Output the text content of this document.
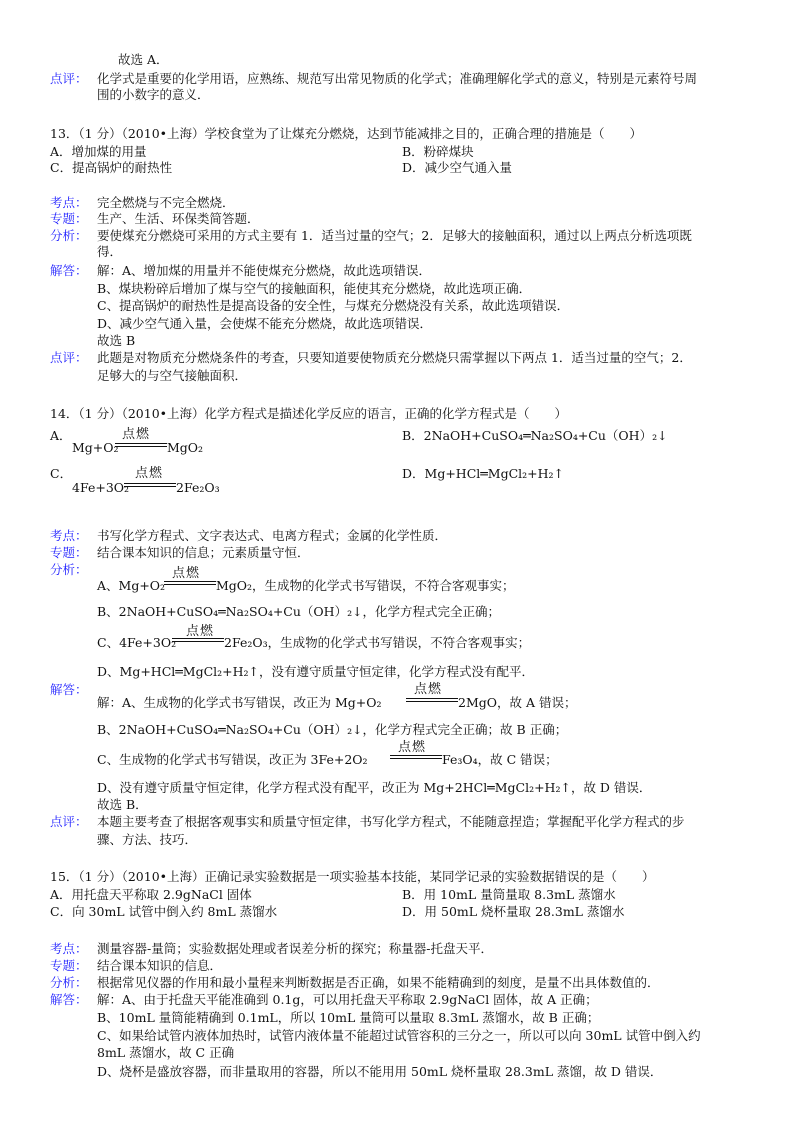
故选 A．
点评： 化学式是重要的化学用语，应熟练、规范写出常见物质的化学式；准确理解化学式的意义，特别是元素符号周
围的小数字的意义．
13．（1 分）（2010•上海）学校食堂为了让煤充分燃烧，达到节能减排之目的，正确合理的措施是（　　）
A．增加煤的用量	B．粉碎煤块
C．提高锅炉的耐热性	D．减少空气通入量
考点： 完全燃烧与不完全燃烧．
专题： 生产、生活、环保类简答题．
分析： 要使煤充分燃烧可采用的方式主要有 1．适当过量的空气；2．足够大的接触面积，通过以上两点分析选项既
得．
解答： 解：A、增加煤的用量并不能使煤充分燃烧，故此选项错误．
B、煤块粉碎后增加了煤与空气的接触面积，能使其充分燃烧，故此选项正确．
C、提高锅炉的耐热性是提高设备的安全性，与煤充分燃烧没有关系，故此选项错误．
D、减少空气通入量，会使煤不能充分燃烧，故此选项错误．
故选 B
点评： 此题是对物质充分燃烧条件的考查，只要知道要使物质充分燃烧只需掌握以下两点 1．适当过量的空气；2．
足够大的与空气接触面积．
14．（1 分）（2010•上海）化学方程式是描述化学反应的语言，正确的化学方程式是（　　）
A．	点燃
Mg+O₂	MgO₂
B．2NaOH+CuSO₄═Na₂SO₄+Cu（OH）₂↓
C．	点燃
4Fe+3O₂	2Fe₂O₃
D．Mg+HCl═MgCl₂+H₂↑
考点： 书写化学方程式、文字表达式、电离方程式；金属的化学性质．
专题： 结合课本知识的信息；元素质量守恒．
分析：	点燃
A、Mg+O₂	MgO₂，生成物的化学式书写错误，不符合客观事实；
B、2NaOH+CuSO₄═Na₂SO₄+Cu（OH）₂↓，化学方程式完全正确；
点燃
C、4Fe+3O₂	2Fe₂O₃，生成物的化学式书写错误，不符合客观事实；
D、Mg+HCl═MgCl₂+H₂↑，没有遵守质量守恒定律，化学方程式没有配平．
解答：	点燃
解：A、生成物的化学式书写错误，改正为 Mg+O₂	2MgO，故 A 错误；
B、2NaOH+CuSO₄═Na₂SO₄+Cu（OH）₂↓，化学方程式完全正确；故 B 正确；
点燃
C、生成物的化学式书写错误，改正为 3Fe+2O₂	Fe₃O₄，故 C 错误；
D、没有遵守质量守恒定律，化学方程式没有配平，改正为 Mg+2HCl═MgCl₂+H₂↑，故 D 错误．
故选 B．
点评： 本题主要考查了根据客观事实和质量守恒定律，书写化学方程式，不能随意捏造；掌握配平化学方程式的步
骤、方法、技巧．
15．（1 分）（2010•上海）正确记录实验数据是一项实验基本技能，某同学记录的实验数据错误的是（　　）
A．用托盘天平称取 2.9gNaCl 固体	B．用 10mL 量筒量取 8.3mL 蒸馏水
C．向 30mL 试管中倒入约 8mL 蒸馏水	D．用 50mL 烧杯量取 28.3mL 蒸馏水
考点： 测量容器-量筒；实验数据处理或者误差分析的探究；称量器-托盘天平．
专题： 结合课本知识的信息．
分析： 根据常见仪器的作用和最小量程来判断数据是否正确，如果不能精确到的刻度，是量不出具体数值的．
解答： 解：A、由于托盘天平能准确到 0.1g，可以用托盘天平称取 2.9gNaCl 固体，故 A 正确；
B、10mL 量筒能精确到 0.1mL，所以 10mL 量筒可以量取 8.3mL 蒸馏水，故 B 正确；
C、如果给试管内液体加热时，试管内液体量不能超过试管容积的三分之一，所以可以向 30mL 试管中倒入约
8mL 蒸馏水，故 C 正确
D、烧杯是盛放容器，而非量取用的容器，所以不能用用 50mL 烧杯量取 28.3mL 蒸馏，故 D 错误．
